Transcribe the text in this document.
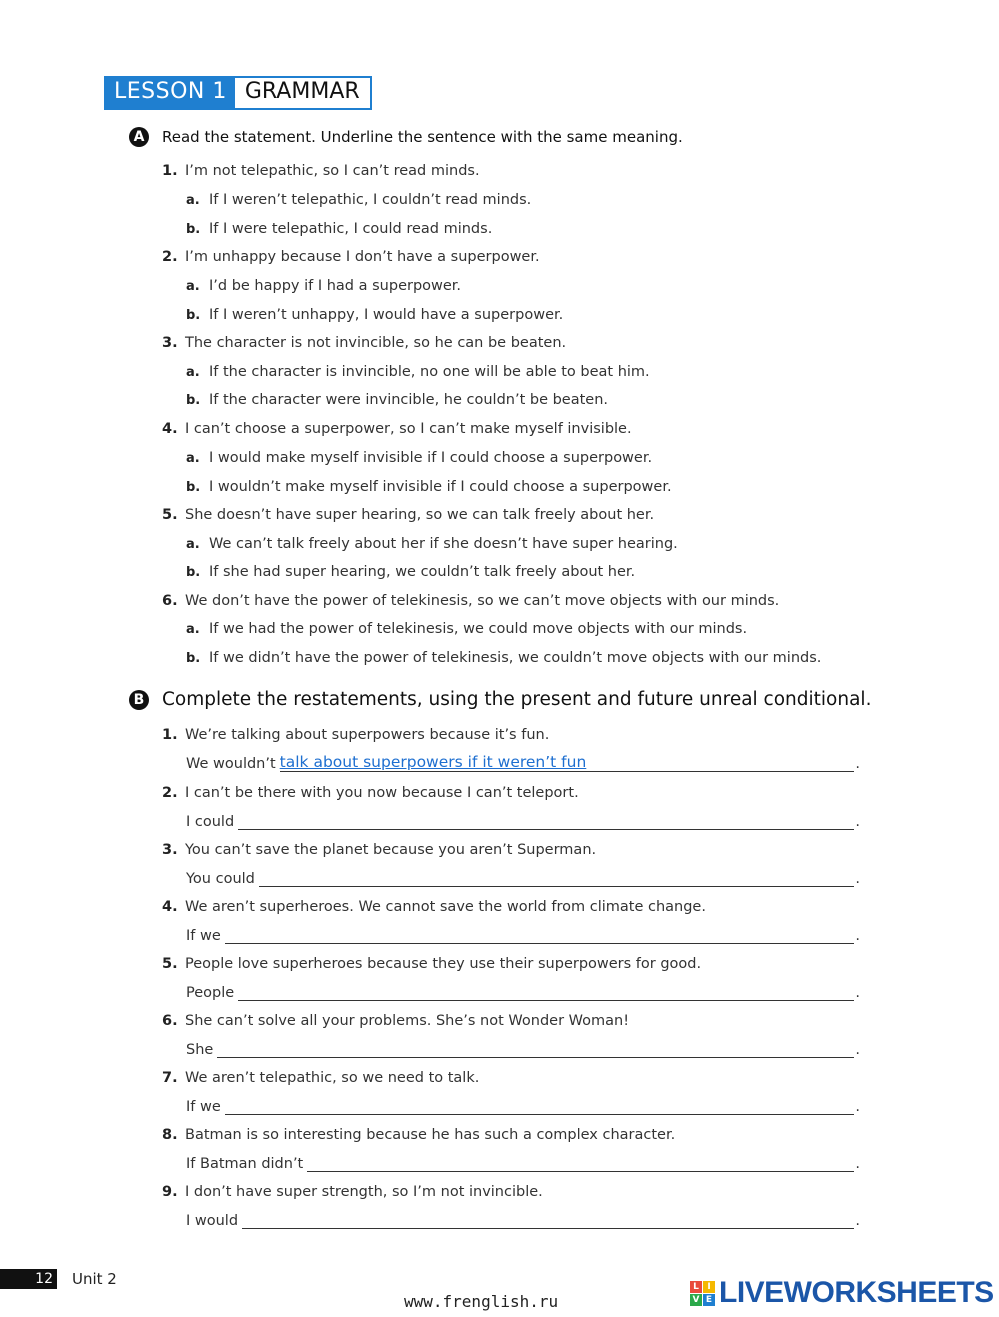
LESSON 1 GRAMMAR
A	Read the statement. Underline the sentence with the same meaning.
1. I’m not telepathic, so I can’t read minds.
a. If I weren’t telepathic, I couldn’t read minds.
b. If I were telepathic, I could read minds.
2. I’m unhappy because I don’t have a superpower.
a. I’d be happy if I had a superpower.
b. If I weren’t unhappy, I would have a superpower.
3. The character is not invincible, so he can be beaten.
a. If the character is invincible, no one will be able to beat him.
b. If the character were invincible, he couldn’t be beaten.
4. I can’t choose a superpower, so I can’t make myself invisible.
a. I would make myself invisible if I could choose a superpower.
b. I wouldn’t make myself invisible if I could choose a superpower.
5. She doesn’t have super hearing, so we can talk freely about her.
a. We can’t talk freely about her if she doesn’t have super hearing.
b. If she had super hearing, we couldn’t talk freely about her.
6. We don’t have the power of telekinesis, so we can’t move objects with our minds.
a. If we had the power of telekinesis, we could move objects with our minds.
b. If we didn’t have the power of telekinesis, we couldn’t move objects with our minds.
B Complete the restatements, using the present and future unreal conditional.
1. We’re talking about superpowers because it’s fun.
We wouldn’t talk about superpowers if it weren’t fun	.
2. I can’t be there with you now because I can’t teleport.
I could	.
3. You can’t save the planet because you aren’t Superman.
You could	.
4. We aren’t superheroes. We cannot save the world from climate change.
If we	.
5. People love superheroes because they use their superpowers for good.
People	.
6. She can’t solve all your problems. She’s not Wonder Woman!
She	.
7. We aren’t telepathic, so we need to talk.
If we	.
8. Batman is so interesting because he has such a complex character.
If Batman didn’t	.
9. I don’t have super strength, so I’m not invincible.
I would	.
12 Unit 2
www.frenglish.ru
L I
V E LIVEWORKSHEETS
